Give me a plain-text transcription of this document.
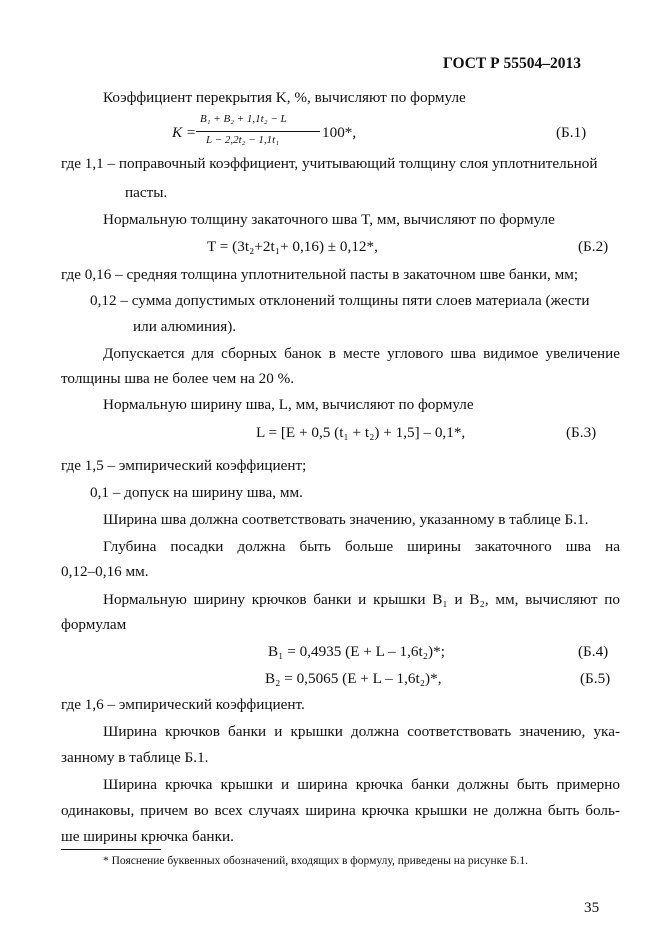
ГОСТ Р 55504–2013
Коэффициент перекрытия K, %, вычисляют по формуле
K =
B₁ + B₂ + 1,1t₂ − L
L − 2,2t₂ − 1,1t₁	100*,	(Б.1)
где 1,1 – поправочный коэффициент, учитывающий толщину слоя уплотнительной
пасты.
Нормальную толщину закаточного шва T, мм, вычисляют по формуле
T = (3t₂+2t₁+ 0,16) ± 0,12*,	(Б.2)
где 0,16 – средняя толщина уплотнительной пасты в закаточном шве банки, мм;
0,12 – сумма допустимых отклонений толщины пяти слоев материала (жести
или алюминия).
Допускается для сборных банок в месте углового шва видимое увеличение
толщины шва не более чем на 20 %.
Нормальную ширину шва, L, мм, вычисляют по формуле
L = [E + 0,5 (t₁ + t₂) + 1,5] – 0,1*,	(Б.3)
где 1,5 – эмпирический коэффициент;
0,1 – допуск на ширину шва, мм.
Ширина шва должна соответствовать значению, указанному в таблице Б.1.
Глубина посадки должна быть больше ширины закаточного шва на
0,12–0,16 мм.
Нормальную ширину крючков банки и крышки B₁ и B₂, мм, вычисляют по
формулам
B₁ = 0,4935 (E + L – 1,6t₂)*;	(Б.4)
B₂ = 0,5065 (E + L – 1,6t₂)*,	(Б.5)
где 1,6 – эмпирический коэффициент.
Ширина крючков банки и крышки должна соответствовать значению, ука-
занному в таблице Б.1.
Ширина крючка крышки и ширина крючка банки должны быть примерно
одинаковы, причем во всех случаях ширина крючка крышки не должна быть боль-
ше ширины крючка банки.
* Пояснение буквенных обозначений, входящих в формулу, приведены на рисунке Б.1.
35
